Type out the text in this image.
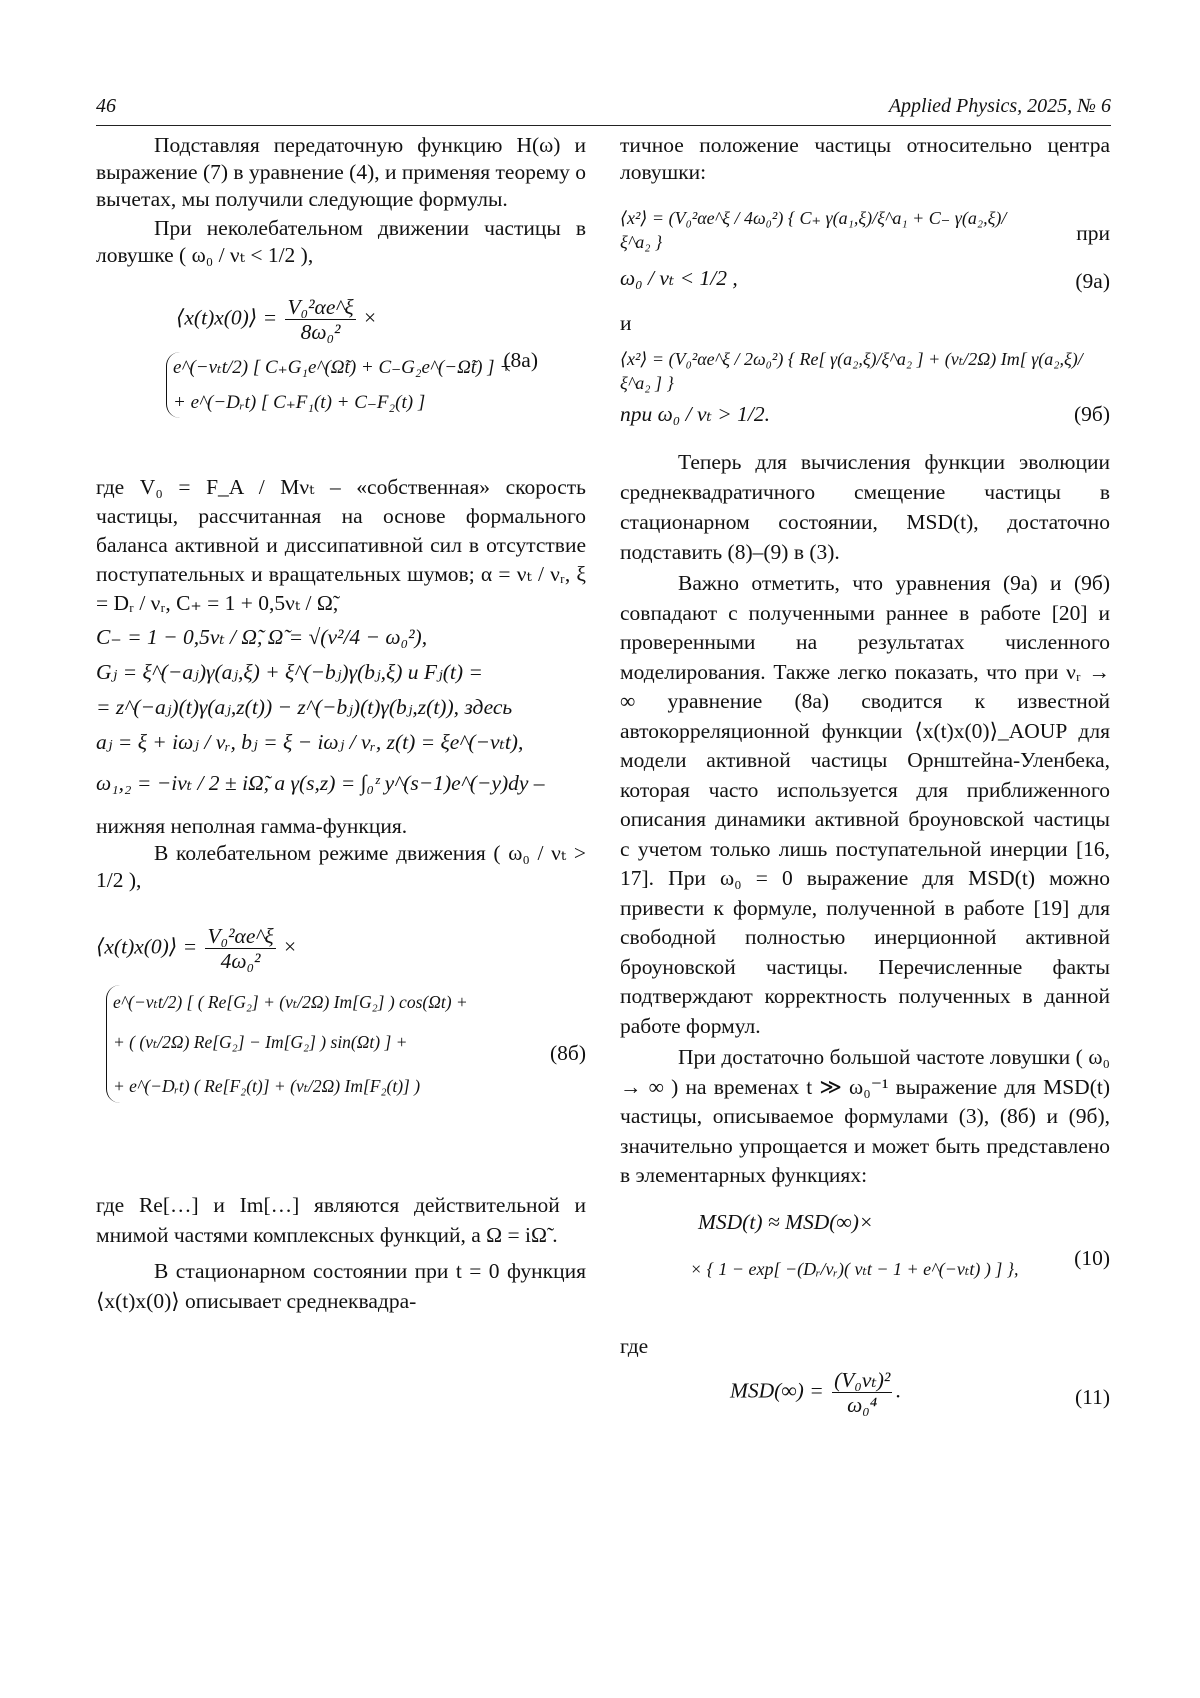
46	Applied Physics, 2025, № 6

Подставляя передаточную функцию H(ω) и выражение (7) в уравнение (4), и применяя теорему о вычетах, мы получили следующие формулы.

При неколебательном движении частицы в ловушке ( ω₀ / νₜ < 1/2 ),

⟨x(t)x(0)⟩ = $\frac{\text{V₀²αe\textasciicircum{}ξ}}{\text{8ω₀²}}$ ×
e^(−νₜt/2) [ C₊G₁e^(Ω̃t) + C₋G₂e^(−Ω̃t) ] +
+ e^(−Dᵣt) [ C₊F₁(t) + C₋F₂(t) ]
(8а)

где V₀ = F_A / Mνₜ – «собственная» скорость частицы, рассчитанная на основе формального баланса активной и диссипативной сил в отсутствие поступательных и вращательных шумов; α = νₜ / νᵣ, ξ = Dᵣ / νᵣ, C₊ = 1 + 0,5νₜ / Ω̃,

C₋ = 1 − 0,5νₜ / Ω̃, Ω̃ = √(ν²/4 − ω₀²),

Gⱼ = ξ^(−aⱼ)γ(aⱼ,ξ) + ξ^(−bⱼ)γ(bⱼ,ξ) и Fⱼ(t) =

= z^(−aⱼ)(t)γ(aⱼ,z(t)) − z^(−bⱼ)(t)γ(bⱼ,z(t)), здесь

aⱼ = ξ + iωⱼ / νᵣ, bⱼ = ξ − iωⱼ / νᵣ, z(t) = ξe^(−νₜt),

ω₁,₂ = −iνₜ / 2 ± iΩ̃, а γ(s,z) = ∫₀ᶻ y^(s−1)e^(−y)dy –

нижняя неполная гамма-функция.

В колебательном режиме движения ( ω₀ / νₜ > 1/2 ),

⟨x(t)x(0)⟩ = $\frac{\text{V₀²αe\textasciicircum{}ξ}}{\text{4ω₀²}}$ ×
e^(−νₜt/2) [ ( Re[G₂] + (νₜ/2Ω) Im[G₂] ) cos(Ωt) +
+ ( (νₜ/2Ω) Re[G₂] − Im[G₂] ) sin(Ωt) ] +
+ e^(−Dᵣt) ( Re[F₂(t)] + (νₜ/2Ω) Im[F₂(t)] )
(8б)

где Re[…] и Im[…] являются действительной и мнимой частями комплексных функций, а Ω = iΩ̃ .

В стационарном состоянии при t = 0 функция ⟨x(t)x(0)⟩ описывает среднеквадра-

тичное положение частицы относительно центра ловушки:

⟨x²⟩ = (V₀²αe^ξ / 4ω₀²) { C₊ γ(a₁,ξ)/ξ^a₁ + C₋ γ(a₂,ξ)/ξ^a₂ }	при
ω₀ / νₜ < 1/2 ,	(9а)

и

⟨x²⟩ = (V₀²αe^ξ / 2ω₀²) { Re[ γ(a₂,ξ)/ξ^a₂ ] + (νₜ/2Ω) Im[ γ(a₂,ξ)/ξ^a₂ ] }
при ω₀ / νₜ > 1/2.	(9б)

Теперь для вычисления функции эволюции среднеквадратичного смещение частицы в стационарном состоянии, MSD(t), достаточно подставить (8)–(9) в (3).

Важно отметить, что уравнения (9а) и (9б) совпадают с полученными раннее в работе [20] и проверенными на результатах численного моделирования. Также легко показать, что при νᵣ → ∞ уравнение (8а) сводится к известной автокорреляционной функции ⟨x(t)x(0)⟩_AOUP для модели активной частицы Орнштейна-Уленбека, которая часто используется для приближенного описания динамики активной броуновской частицы с учетом только лишь поступательной инерции [16, 17]. При ω₀ = 0 выражение для MSD(t) можно привести к формуле, полученной в работе [19] для свободной полностью инерционной активной броуновской частицы. Перечисленные факты подтверждают корректность полученных в данной работе формул.

При достаточно большой частоте ловушки ( ω₀ → ∞ ) на временах t ≫ ω₀⁻¹ выражение для MSD(t) частицы, описываемое формулами (3), (8б) и (9б), значительно упрощается и может быть представлено в элементарных функциях:

MSD(t) ≈ MSD(∞)×
× { 1 − exp[ −(Dᵣ/νᵣ)( νₜt − 1 + e^(−νₜt) ) ] },	(10)

где

$MSD(\infty) = \frac{\text{(V₀νₜ)²}}{\text{ω₀⁴}}$ .	(11)
